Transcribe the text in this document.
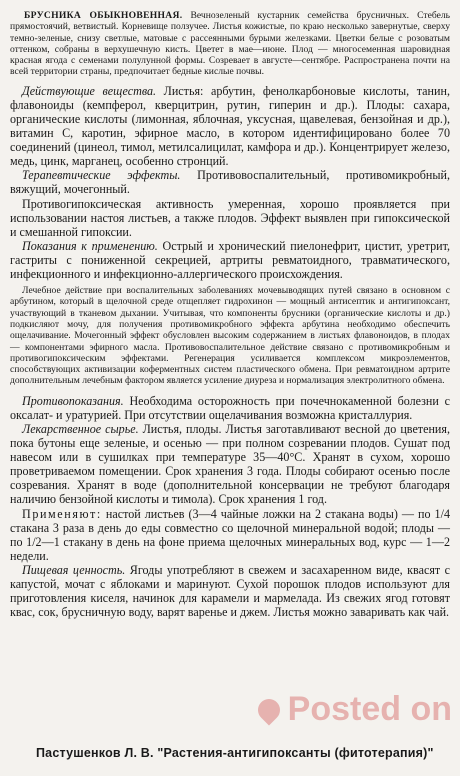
БРУСНИКА ОБЫКНОВЕННАЯ. Вечнозеленый кустарник семейства брусничных. Стебель прямостоячий, ветвистый. Корневище ползучее. Листья кожистые, по краю несколько завернутые, сверху темно-зеленые, снизу светлые, матовые с рассеянными бурыми железками. Цветки белые с розоватым оттенком, собраны в верхушечную кисть. Цветет в мае—июне. Плод — многосеменная шаровидная красная ягода с семенами полулунной формы. Созревает в августе—сентябре. Распространена почти на всей территории страны, предпочитает бедные кислые почвы.

Действующие вещества. Листья: арбутин, фенолкарбоновые кислоты, танин, флавоноиды (кемпферол, кверцитрин, рутин, гиперин и др.). Плоды: сахара, органические кислоты (лимонная, яблочная, уксусная, щавелевая, бензойная и др.), витамин С, каротин, эфирное масло, в котором идентифицировано более 70 соединений (цинеол, тимол, метилсалицилат, камфора и др.). Концентрирует железо, медь, цинк, марганец, особенно стронций.

Терапевтические эффекты. Противовоспалительный, противомикробный, вяжущий, мочегонный.

Противогипоксическая активность умеренная, хорошо проявляется при использовании настоя листьев, а также плодов. Эффект выявлен при гипоксической и смешанной гипоксии.

Показания к применению. Острый и хронический пиелонефрит, цистит, уретрит, гастриты с пониженной секрецией, артриты ревматоидного, травматического, инфекционного и инфекционно-аллергического происхождения.

Лечебное действие при воспалительных заболеваниях мочевыводящих путей связано в основном с арбутином, который в щелочной среде отщепляет гидрохинон — мощный антисептик и антигипоксант, участвующий в тканевом дыхании. Учитывая, что компоненты брусники (органические кислоты и др.) подкисляют мочу, для получения противомикробного эффекта арбутина необходимо обеспечить ощелачивание. Мочегонный эффект обусловлен высоким содержанием в листьях флавоноидов, в плодах — компонентами эфирного масла. Противовоспалительное действие связано с противомикробным и противогипоксическим эффектами. Регенерация усиливается комплексом микроэлементов, способствующих активизации коферментных систем пластического обмена. При ревматоидном артрите дополнительным лечебным фактором является усиление диуреза и нормализация электролитного обмена.

Противопоказания. Необходима осторожность при почечнокаменной болезни с оксалат- и уратурией. При отсутствии ощелачивания возможна кристаллурия.

Лекарственное сырье. Листья, плоды. Листья заготавливают весной до цветения, пока бутоны еще зеленые, и осенью — при полном созревании плодов. Сушат под навесом или в сушилках при температуре 35—40°С. Хранят в сухом, хорошо проветриваемом помещении. Срок хранения 3 года. Плоды собирают осенью после созревания. Хранят в воде (дополнительной консервации не требуют благодаря наличию бензойной кислоты и тимола). Срок хранения 1 год.

Применяют: настой листьев (3—4 чайные ложки на 2 стакана воды) — по 1/4 стакана 3 раза в день до еды совместно со щелочной минеральной водой; плоды — по 1/2—1 стакану в день на фоне приема щелочных минеральных вод, курс — 1—2 недели.

Пищевая ценность. Ягоды употребляют в свежем и засахаренном виде, квасят с капустой, мочат с яблоками и маринуют. Сухой порошок плодов используют для приготовления киселя, начинок для карамели и мармелада. Из свежих ягод готовят квас, сок, брусничную воду, варят варенье и джем. Листья можно заваривать как чай.

Posted on
Пастушенков Л. В. "Растения-антигипоксанты (фитотерапия)"
